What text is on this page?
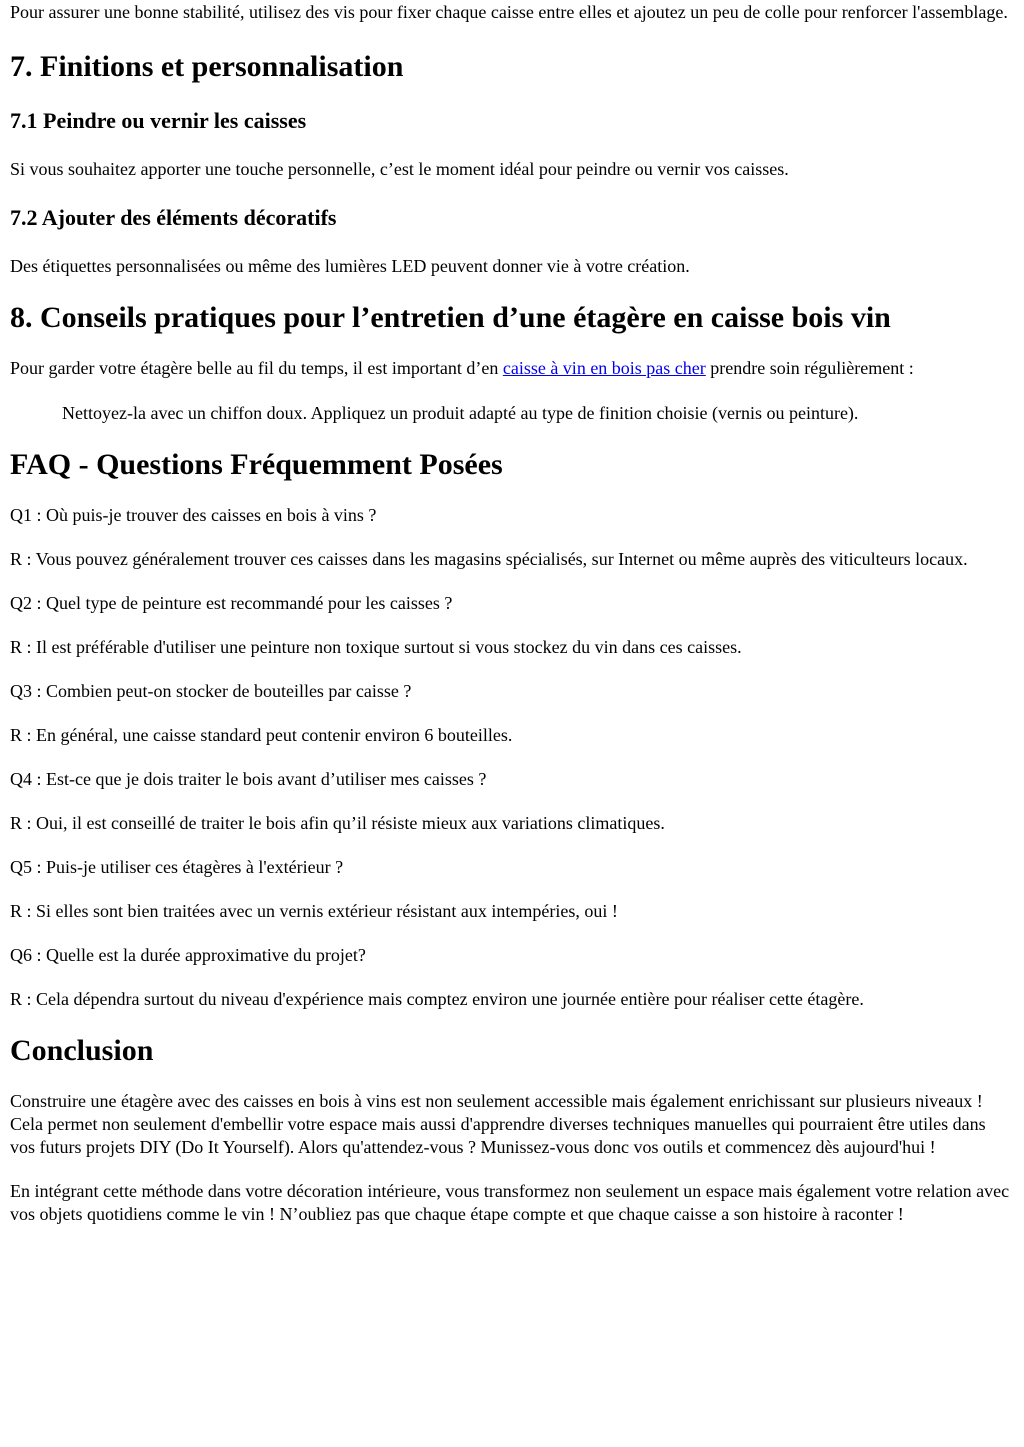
Pour assurer une bonne stabilité, utilisez des vis pour fixer chaque caisse entre elles et ajoutez un peu de colle pour renforcer l'assemblage.

7. Finitions et personnalisation
7.1 Peindre ou vernir les caisses

Si vous souhaitez apporter une touche personnelle, c’est le moment idéal pour peindre ou vernir vos caisses.

7.2 Ajouter des éléments décoratifs

Des étiquettes personnalisées ou même des lumières LED peuvent donner vie à votre création.

8. Conseils pratiques pour l’entretien d’une étagère en caisse bois vin

Pour garder votre étagère belle au fil du temps, il est important d’en caisse à vin en bois pas cher prendre soin régulièrement :

Nettoyez-la avec un chiffon doux. Appliquez un produit adapté au type de finition choisie (vernis ou peinture).

FAQ - Questions Fréquemment Posées

Q1 : Où puis-je trouver des caisses en bois à vins ?

R : Vous pouvez généralement trouver ces caisses dans les magasins spécialisés, sur Internet ou même auprès des viticulteurs locaux.

Q2 : Quel type de peinture est recommandé pour les caisses ?

R : Il est préférable d'utiliser une peinture non toxique surtout si vous stockez du vin dans ces caisses.

Q3 : Combien peut-on stocker de bouteilles par caisse ?

R : En général, une caisse standard peut contenir environ 6 bouteilles.

Q4 : Est-ce que je dois traiter le bois avant d’utiliser mes caisses ?

R : Oui, il est conseillé de traiter le bois afin qu’il résiste mieux aux variations climatiques.

Q5 : Puis-je utiliser ces étagères à l'extérieur ?

R : Si elles sont bien traitées avec un vernis extérieur résistant aux intempéries, oui !

Q6 : Quelle est la durée approximative du projet?

R : Cela dépendra surtout du niveau d'expérience mais comptez environ une journée entière pour réaliser cette étagère.

Conclusion

Construire une étagère avec des caisses en bois à vins est non seulement accessible mais également enrichissant sur plusieurs niveaux ! Cela permet non seulement d'embellir votre espace mais aussi d'apprendre diverses techniques manuelles qui pourraient être utiles dans vos futurs projets DIY (Do It Yourself). Alors qu'attendez-vous ? Munissez-vous donc vos outils et commencez dès aujourd'hui !

En intégrant cette méthode dans votre décoration intérieure, vous transformez non seulement un espace mais également votre relation avec vos objets quotidiens comme le vin ! N’oubliez pas que chaque étape compte et que chaque caisse a son histoire à raconter !
